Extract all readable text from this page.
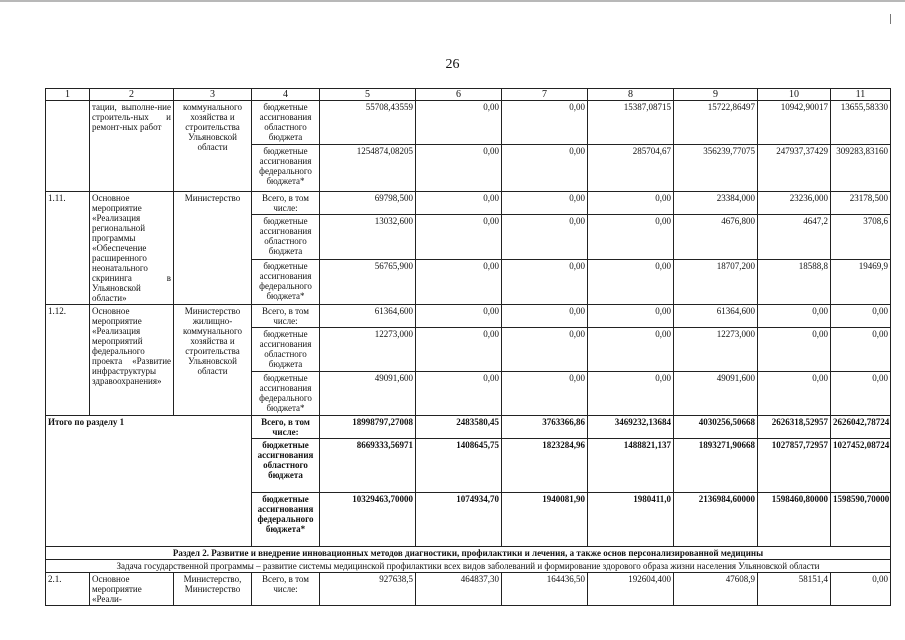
26
1	2	3	4	5	6	7	8	9	10	11
	тации, выполне-ние строитель-ных и ремонт-ных работ	коммунального хозяйства и строительства Ульяновской области	бюджетные ассигнования областного бюджета	55708,43559	0,00	0,00	15387,08715	15722,86497	10942,90017	13655,58330
			бюджетные ассигнования федерального бюджета*	1254874,08205	0,00	0,00	285704,67	356239,77075	247937,37429	309283,83160
1.11.	Основное мероприятие «Реализация региональной программы «Обеспечение расширенного неонатального скрининга в Ульяновской области»	Министерство	Всего, в том числе:	69798,500	0,00	0,00	0,00	23384,000	23236,000	23178,500
			бюджетные ассигнования областного бюджета	13032,600	0,00	0,00	0,00	4676,800	4647,2	3708,6
			бюджетные ассигнования федерального бюджета*	56765,900	0,00	0,00	0,00	18707,200	18588,8	19469,9
1.12.	Основное мероприятие «Реализация мероприятий федерального проекта «Развитие инфраструктуры здравоохранения»	Министерство жилищно-коммунального хозяйства и строительства Ульяновской области	Всего, в том числе:	61364,600	0,00	0,00	0,00	61364,600	0,00	0,00
			бюджетные ассигнования областного бюджета	12273,000	0,00	0,00	0,00	12273,000	0,00	0,00
			бюджетные ассигнования федерального бюджета*	49091,600	0,00	0,00	0,00	49091,600	0,00	0,00
Итого по разделу 1			Всего, в том числе:	18998797,27008	2483580,45	3763366,86	3469232,13684	4030256,50668	2626318,52957	2626042,78724
			бюджетные ассигнования областного бюджета	8669333,56971	1408645,75	1823284,96	1488821,137	1893271,90668	1027857,72957	1027452,08724
			бюджетные ассигнования федерального бюджета*	10329463,70000	1074934,70	1940081,90	1980411,0	2136984,60000	1598460,80000	1598590,70000
Раздел 2. Развитие и внедрение инновационных методов диагностики, профилактики и лечения, а также основ персонализированной медицины										
Задача государственной программы – развитие системы медицинской профилактики всех видов заболеваний и формирование здорового образа жизни населения Ульяновской области										
2.1.	Основное мероприятие «Реали-	Министерство, Министерство	Всего, в том числе:	927638,5	464837,30	164436,50	192604,400	47608,9	58151,4	0,00
